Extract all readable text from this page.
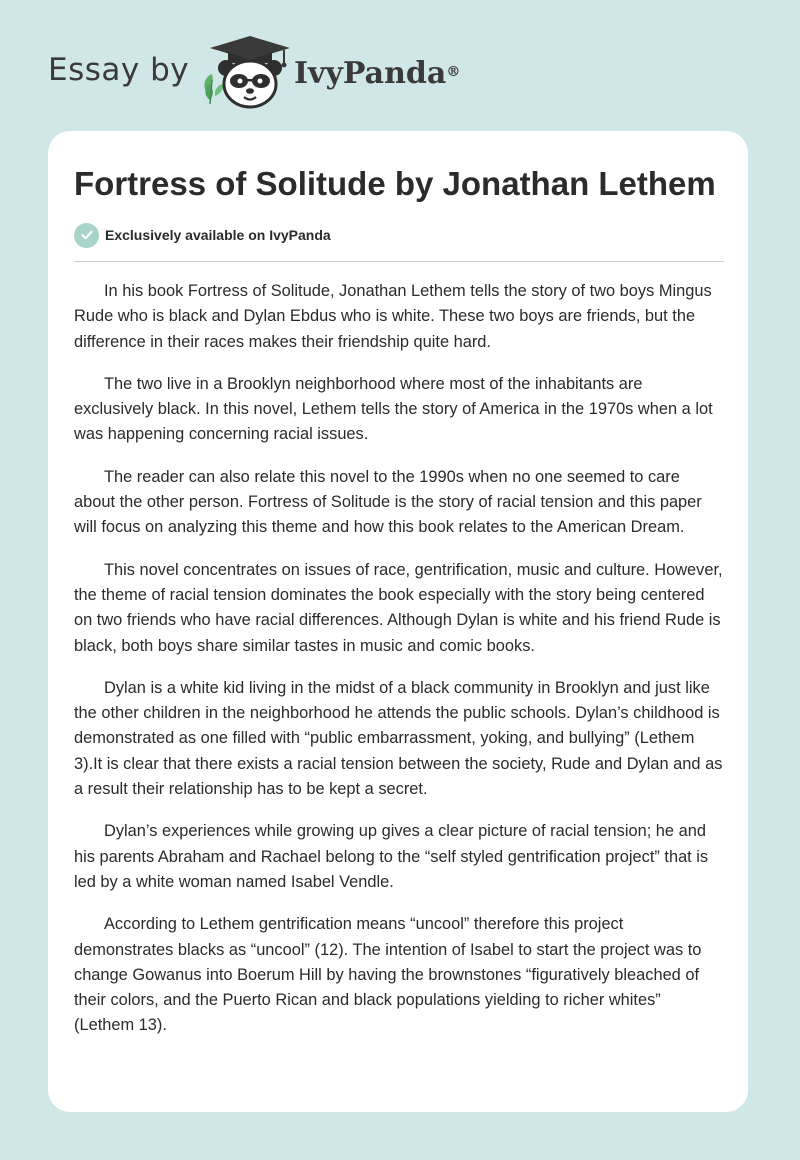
Essay by	IvyPanda®
Fortress of Solitude by Jonathan Lethem
Exclusively available on IvyPanda

In his book Fortress of Solitude, Jonathan Lethem tells the story of two boys Mingus Rude who is black and Dylan Ebdus who is white. These two boys are friends, but the difference in their races makes their friendship quite hard.

The two live in a Brooklyn neighborhood where most of the inhabitants are exclusively black. In this novel, Lethem tells the story of America in the 1970s when a lot was happening concerning racial issues.

The reader can also relate this novel to the 1990s when no one seemed to care about the other person. Fortress of Solitude is the story of racial tension and this paper will focus on analyzing this theme and how this book relates to the American Dream.

This novel concentrates on issues of race, gentrification, music and culture. However, the theme of racial tension dominates the book especially with the story being centered on two friends who have racial differences. Although Dylan is white and his friend Rude is black, both boys share similar tastes in music and comic books.

Dylan is a white kid living in the midst of a black community in Brooklyn and just like the other children in the neighborhood he attends the public schools. Dylan’s childhood is demonstrated as one filled with “public embarrassment, yoking, and bullying” (Lethem 3).It is clear that there exists a racial tension between the society, Rude and Dylan and as a result their relationship has to be kept a secret.

Dylan’s experiences while growing up gives a clear picture of racial tension; he and his parents Abraham and Rachael belong to the “self styled gentrification project” that is led by a white woman named Isabel Vendle.

According to Lethem gentrification means “uncool” therefore this project demonstrates blacks as “uncool” (12). The intention of Isabel to start the project was to change Gowanus into Boerum Hill by having the brownstones “figuratively bleached of their colors, and the Puerto Rican and black populations yielding to richer whites” (Lethem 13).
